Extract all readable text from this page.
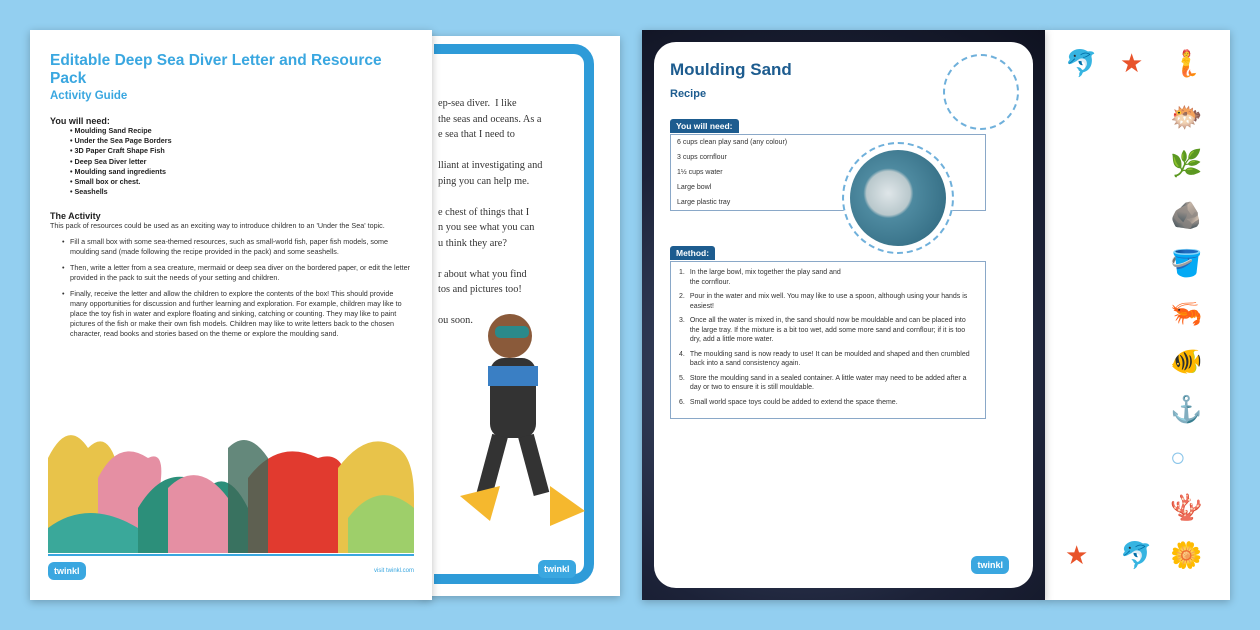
ep-sea diver.  I like
the seas and oceans. As a
e sea that I need to
lliant at investigating and
ping you can help me.
e chest of things that I
n you see what you can
u think they are?
r about what you find
tos and pictures too!
ou soon.
twinkl
Editable Deep Sea Diver Letter and Resource Pack
Activity Guide
You will need:
• Moulding Sand Recipe
• Under the Sea Page Borders
• 3D Paper Craft Shape Fish
• Deep Sea Diver letter
• Moulding sand ingredients
• Small box or chest.
• Seashells
The Activity

This pack of resources could be used as an exciting way to introduce children to an 'Under the Sea' topic.

• Fill a small box with some sea-themed resources, such as small-world fish, paper fish models, some moulding sand (made following the recipe provided in the pack) and some seashells.
• Then, write a letter from a sea creature, mermaid or deep sea diver on the bordered paper, or edit the letter provided in the pack to suit the needs of your setting and children.
• Finally, receive the letter and allow the children to explore the contents of the box! This should provide many opportunities for discussion and further learning and exploration. For example, children may like to place the toy fish in water and explore floating and sinking, catching or counting. They may like to paint pictures of the fish or make their own fish models. Children may like to write letters back to the chosen character, read books and stories based on the theme or explore the moulding sand.
twinkl	visit twinkl.com
Moulding Sand
Recipe
You will need:
6 cups clean play sand (any colour)
3 cups cornflour
1½ cups water
Large bowl
Large plastic tray
Method:
1. In the large bowl, mix together the play sand and the cornflour.
2. Pour in the water and mix well. You may like to use a spoon, although using your hands is easiest!
3. Once all the water is mixed in, the sand should now be mouldable and can be placed into the large tray. If the mixture is a bit too wet, add some more sand and cornflour; if it is too dry, add a little more water.
4. The moulding sand is now ready to use! It can be moulded and shaped and then crumbled back into a sand consistency again.
5. Store the moulding sand in a sealed container. A little water may need to be added after a day or two to ensure it is still mouldable.
6. Small world space toys could be added to extend the space theme.
twinkl
🐬 ★ 🧜
🐡
🌿
🪨
🪣
🦐
🐠
⚓
○
🪸
★ 🐬 🌼
